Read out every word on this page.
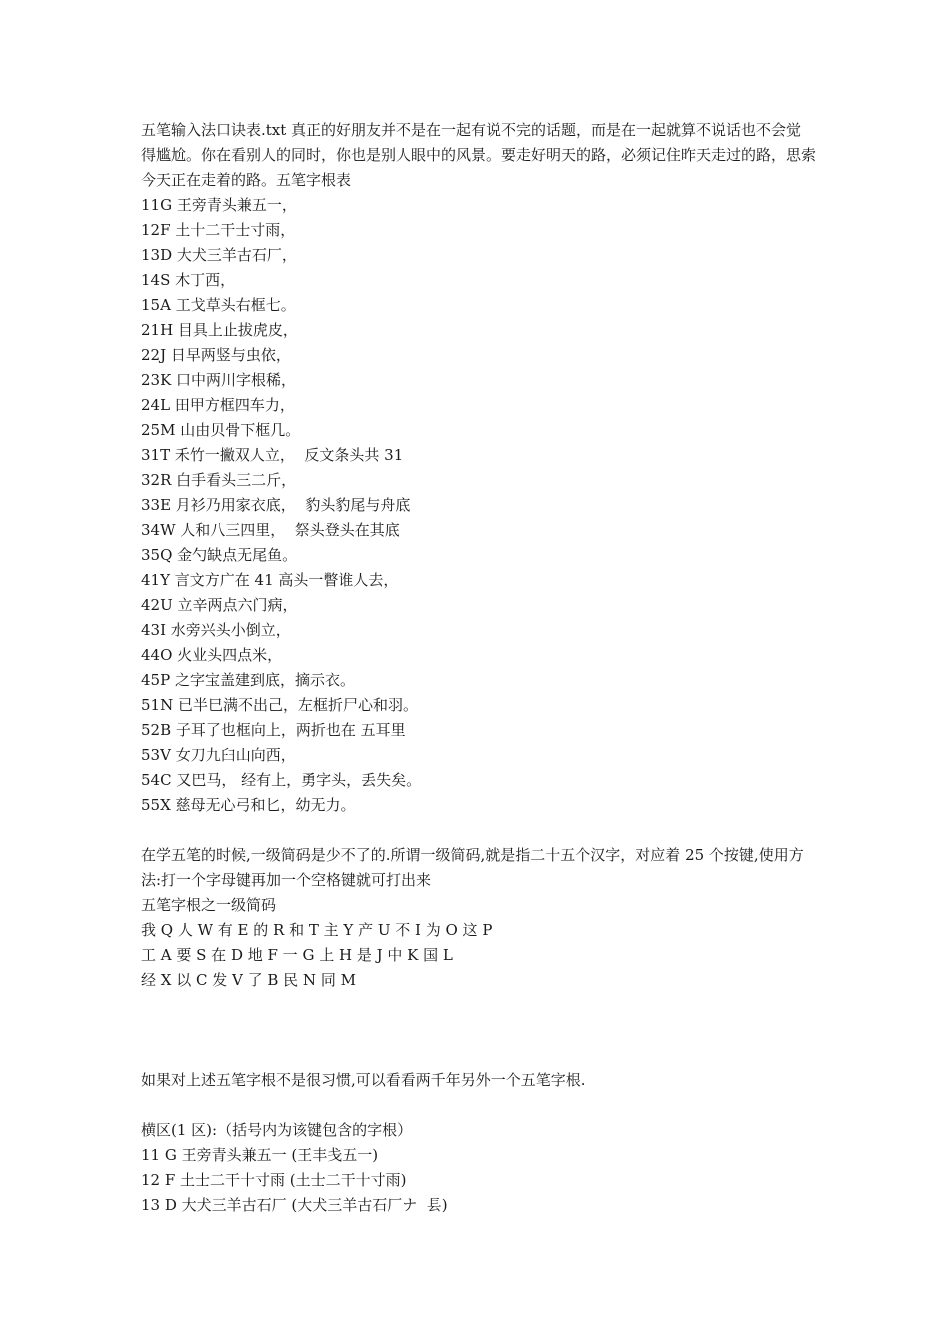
五笔输入法口诀表.txt 真正的好朋友并不是在一起有说不完的话题，而是在一起就算不说话也不会觉得尴尬。你在看别人的同时，你也是别人眼中的风景。要走好明天的路，必须记住昨天走过的路，思索今天正在走着的路。五笔字根表
11G 王旁青头兼五一，
12F 土十二干士寸雨，
13D 大犬三羊古石厂，
14S 木丁西，
15A 工戈草头右框七。
21H 目具上止拔虎皮，
22J 日早两竖与虫依，
23K 口中两川字根稀，
24L 田甲方框四车力，
25M 山由贝骨下框几。
31T 禾竹一撇双人立，  反文条头共 31
32R 白手看头三二斤，
33E 月衫乃用家衣底，  豹头豹尾与舟底
34W 人和八三四里，  祭头登头在其底
35Q 金勺缺点无尾鱼。
41Y 言文方广在 41 高头一瞥谁人去，
42U 立辛两点六门病，
43I 水旁兴头小倒立，
44O 火业头四点米，
45P 之字宝盖建到底，摘示衣。
51N 已半巳满不出己，左框折尸心和羽。
52B 子耳了也框向上，两折也在 五耳里
53V 女刀九臼山向西，
54C 又巴马， 经有上，勇字头，丢失矣。
55X 慈母无心弓和匕，幼无力。
在学五笔的时候,一级简码是少不了的.所谓一级简码,就是指二十五个汉字，对应着 25 个按键,使用方法:打一个字母键再加一个空格键就可打出来
五笔字根之一级简码
我 Q 人 W 有 E 的 R 和 T 主 Y 产 U 不 I 为 O 这 P
工 A 要 S 在 D 地 F 一 G 上 H 是 J 中 K 国 L
经 X 以 C 发 V 了 B 民 N 同 M
如果对上述五笔字根不是很习惯,可以看看两千年另外一个五笔字根.
横区(1 区):（括号内为该键包含的字根）
11 G 王旁青头兼五一 (王丰戋五一)
12 F 土士二干十寸雨 (土士二干十寸雨)
13 D 大犬三羊古石厂 (大犬三羊古石厂ナ  镸)
